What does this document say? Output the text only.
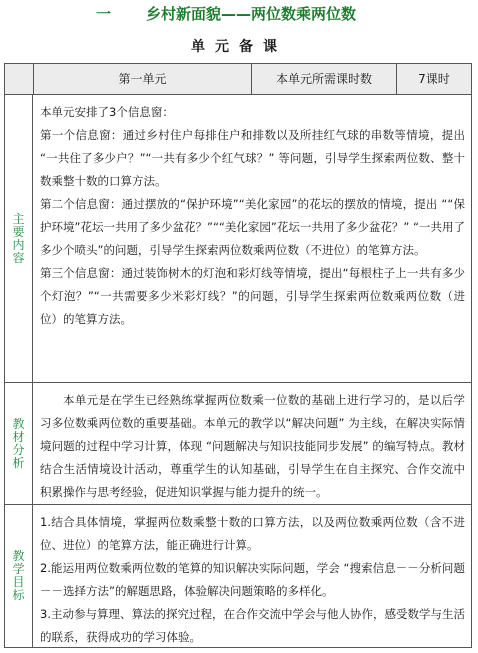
一 乡村新面貌——两位数乘两位数
单元备课
第一单元	本单元所需课时数	7课时
主要内容

本单元安排了3个信息窗：

第一个信息窗：通过乡村住户每排住户和排数以及所挂红气球的串数等情境，提出 “一共住了多少户？”“一共有多少个红气球？” 等问题，引导学生探索两位数、整十数乘整十数的口算方法。

第二个信息窗：通过摆放的“保护环境”“美化家园”的花坛的摆放的情境，提出 ““保护环境”花坛一共用了多少盆花？”““美化家园”花坛一共用了多少盆花？” “一共用了多少个喷头”的问题，引导学生探索两位数乘两位数（不进位）的笔算方法。

第三个信息窗：通过装饰树木的灯泡和彩灯线等情境，提出“每根柱子上一共有多少个灯泡？”“一共需要多少米彩灯线？”的问题，引导学生探索两位数乘两位数（进位）的笔算方法。

教材分析

本单元是在学生已经熟练掌握两位数乘一位数的基础上进行学习的，是以后学习多位数乘两位数的重要基础。本单元的教学以“解决问题” 为主线，在解决实际情境问题的过程中学习计算，体现 “问题解决与知识技能同步发展” 的编写特点。教材结合生活情境设计活动，尊重学生的认知基础，引导学生在自主探究、合作交流中积累操作与思考经验，促进知识掌握与能力提升的统一。

教学目标

1.结合具体情境，掌握两位数乘整十数的口算方法，以及两位数乘两位数（含不进位、进位）的笔算方法，能正确进行计算。

2.能运用两位数乘两位数的笔算的知识解决实际问题，学会 “搜索信息－－分析问题－－选择方法”的解题思路，体验解决问题策略的多样化。

3.主动参与算理、算法的探究过程，在合作交流中学会与他人协作，感受数学与生活的联系，获得成功的学习体验。
